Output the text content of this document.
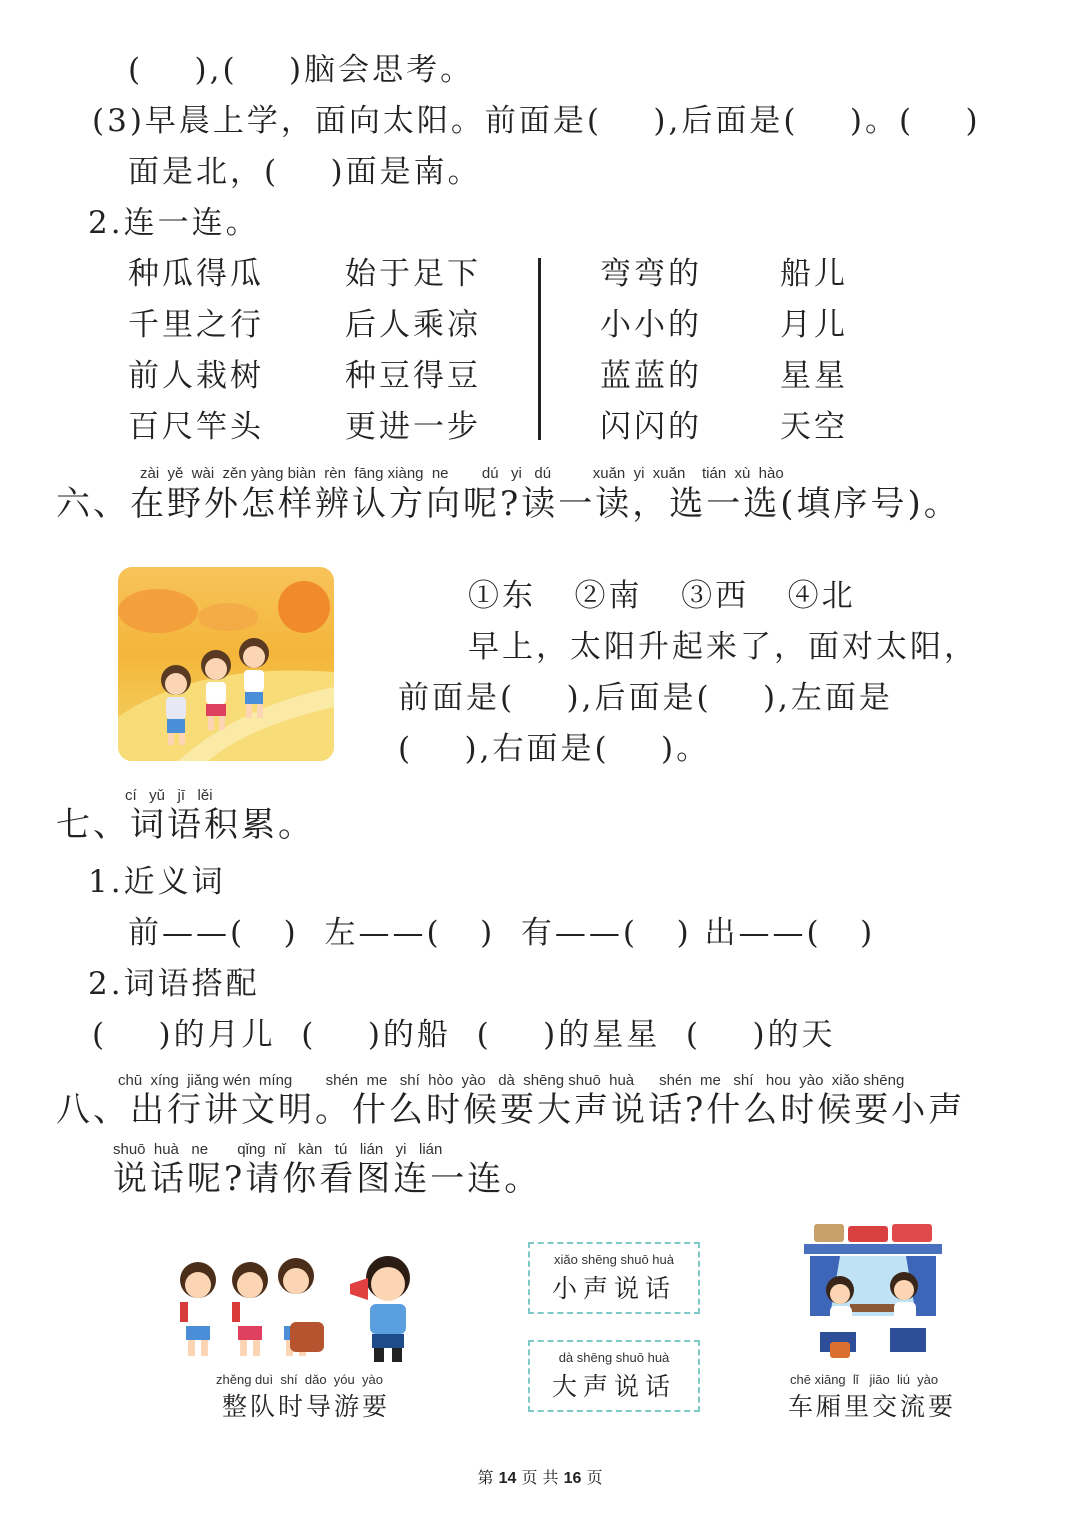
(    ),(    )脑会思考。
(3)早晨上学，面向太阳。前面是(    ),后面是(    )。(    )
面是北，(    )面是南。
2.连一连。
种瓜得瓜
千里之行
前人栽树
百尺竿头
始于足下
后人乘凉
种豆得豆
更进一步
弯弯的
小小的
蓝蓝的
闪闪的
船儿
月儿
星星
天空
zài  yě  wài  zěn yàng biàn  rèn  fāng xiàng  ne        dú   yi   dú          xuǎn  yi  xuǎn    tián  xù  hào
六、在野外怎样辨认方向呢?读一读，选一选(填序号)。
①东   ②南   ③西   ④北
早上，太阳升起来了，面对太阳，
前面是(    ),后面是(    ),左面是
(    ),右面是(    )。
cí   yǔ   jī   lěi
七、词语积累。
1.近义词
前——(   )  左——(   )  有——(   ) 出——(   )
2.词语搭配
(    )的月儿  (    )的船  (    )的星星  (    )的天
chū  xíng  jiǎng wén  míng        shén  me   shí  hòo  yào   dà  shēng shuō  huà      shén  me   shí   hou  yào  xiǎo shēng
八、出行讲文明。什么时候要大声说话?什么时候要小声
shuō  huà   ne       qǐng  nǐ   kàn   tú   lián   yi   lián
说话呢?请你看图连一连。
zhěng duì  shí  dǎo  yóu  yào
整队时导游要
xiǎo shēng shuō huà
小声说话
dà shēng shuō huà
大声说话	chē xiāng  lǐ   jiāo  liú  yào
车厢里交流要
第 14 页 共 16 页
